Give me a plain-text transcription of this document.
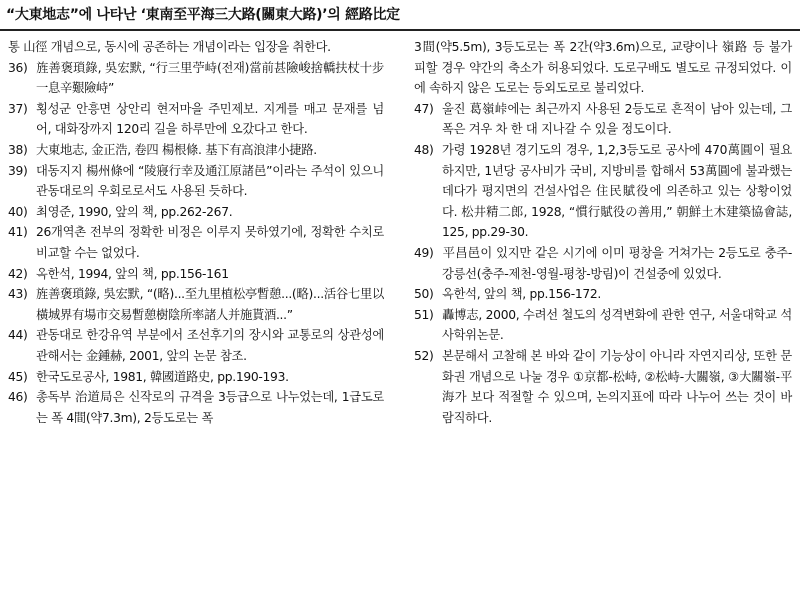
“大東地志”에 나타난 ‘東南至平海三大路(關東大路)’의 經路比定

통 山徑 개념으로, 동시에 공존하는 개념이라는 입장을 취한다.

36) 旌善褒瑣錄, 吳宏默, “行三里苧峙(전재)當前甚險峻捨轎扶杖十步一息辛艱險峙”

37) 횡성군 안흥면 상안리 현저마을 주민제보. 지게를 매고 문재를 넘어, 대화장까지 120리 길을 하루만에 오갔다고 한다.

38) 大東地志, 金正浩, 卷四 楊根條. 基下有高浪津小捷路.

39) 대동지지 楊州條에 “陵寢行幸及通江原諸邑”이라는 주석이 있으니 관동대로의 우회로로서도 사용된 듯하다.

40) 최영준, 1990, 앞의 책, pp.262-267.

41) 26개역촌 전부의 정확한 비정은 이루지 못하였기에, 정확한 수치로 비교할 수는 없었다.

42) 옥한석, 1994, 앞의 책, pp.156-161

43) 旌善褒瑣錄, 吳宏默, “(略)...至九里植松亭暫憩...(略)...活谷七里以橫城界有場市交易暫憩樹陰所率諸人并施貰酒...”

44) 관동대로 한강유역 부분에서 조선후기의 장시와 교통로의 상관성에 관해서는 金鍾赫, 2001, 앞의 논문 참조.

45) 한국도로공사, 1981, 韓國道路史, pp.190-193.

46) 총독부 治道局은 신작로의 규격을 3등급으로 나누었는데, 1급도로는 폭 4間(약7.3m), 2등도로는 폭

3間(약5.5m), 3등도로는 폭 2간(약3.6m)으로, 교량이나 嶺路 등 불가피할 경우 약간의 축소가 허용되었다. 도로구배도 별도로 규정되었다. 이에 속하지 않은 도로는 등외도로로 불리었다.

47) 울진 葛嶺峠에는 최근까지 사용된 2등도로 흔적이 남아 있는데, 그 폭은 겨우 차 한 대 지나갈 수 있을 정도이다.

48) 가령 1928년 경기도의 경우, 1,2,3등도로 공사에 470萬圓이 필요하지만, 1년당 공사비가 국비, 지방비를 합해서 53萬圓에 불과했는데다가 평지면의 건설사업은 住民賦役에 의존하고 있는 상황이었다. 松井精二郎, 1928, “慣行賦役の善用,” 朝鮮土木建築協會誌, 125, pp.29-30.

49) 平昌邑이 있지만 같은 시기에 이미 평창을 거쳐가는 2등도로 충주-강릉선(충주-제천-영월-평창-방림)이 건설중에 있었다.

50) 옥한석, 앞의 책, pp.156-172.

51) 轟博志, 2000, 수려선 철도의 성격변화에 관한 연구, 서울대학교 석사학위논문.

52) 본문해서 고찰해 본 바와 같이 기능상이 아니라 자연지리상, 또한 문화권 개념으로 나눌 경우 ①京都-松峙, ②松峙-大關嶺, ③大關嶺-平海가 보다 적절할 수 있으며, 논의지표에 따라 나누어 쓰는 것이 바람직하다.
